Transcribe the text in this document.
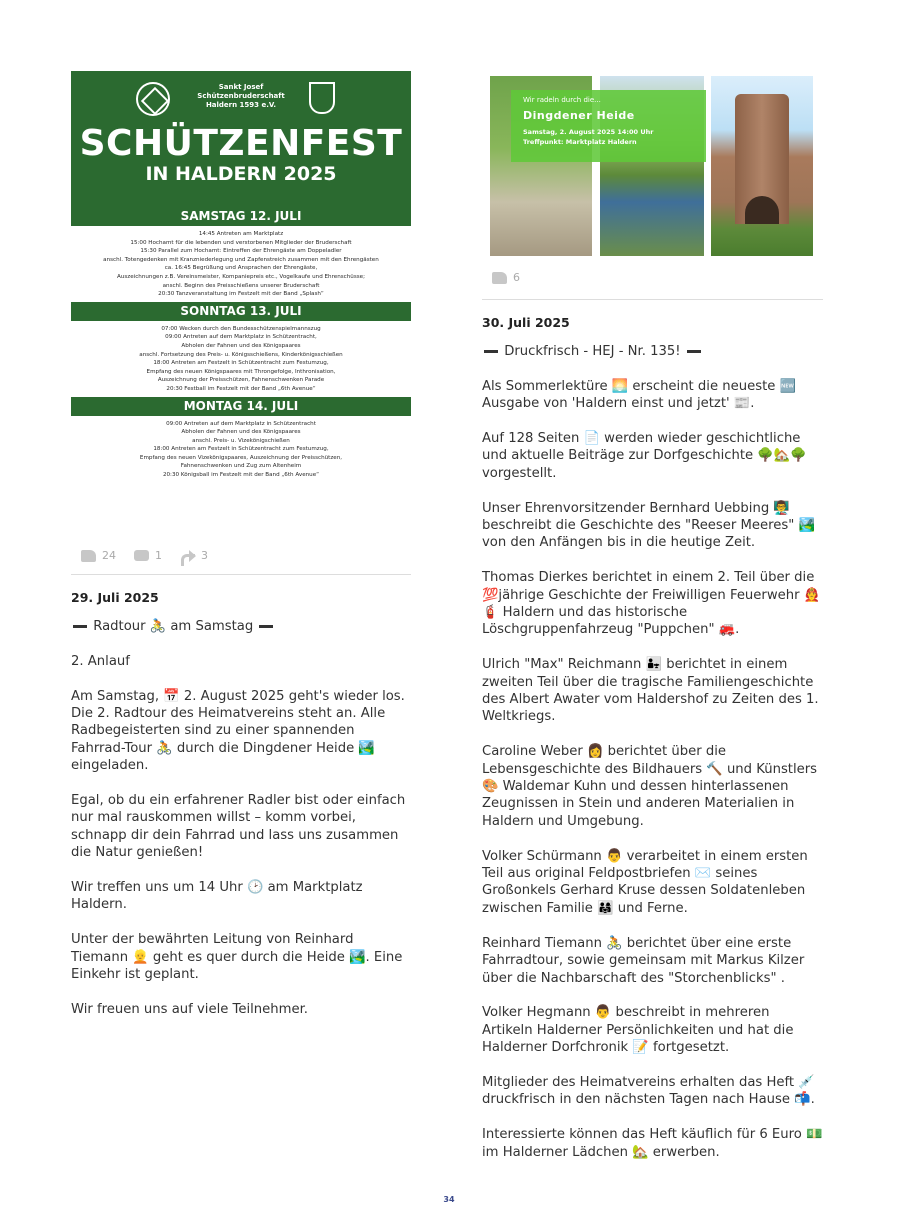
Sankt Josef
Schützenbruderschaft
Haldern 1593 e.V.
SCHÜTZENFEST
IN HALDERN 2025
SAMSTAG 12. JULI
14:45 Antreten am Marktplatz
15:00 Hochamt für die lebenden und verstorbenen Mitglieder der Bruderschaft
15:30 Parallel zum Hochamt: Eintreffen der Ehrengäste am Doppeladler
anschl. Totengedenken mit Kranzniederlegung und Zapfenstreich zusammen mit den Ehrengästen
ca. 16:45 Begrüßung und Ansprachen der Ehrengäste,
Auszeichnungen z.B. Vereinsmeister, Kompaniepreis etc., Vogelkaufe und Ehrenschüsse;
anschl. Beginn des Preisschießens unserer Bruderschaft
20:30 Tanzveranstaltung im Festzelt mit der Band „Splash“
SONNTAG 13. JULI
07:00 Wecken durch den Bundesschützenspielmannszug
09:00 Antreten auf dem Marktplatz in Schützentracht,
Abholen der Fahnen und des Königspaares
anschl. Fortsetzung des Preis- u. Königsschießens, Kinderkönigsschießen
18:00 Antreten am Festzelt in Schützentracht zum Festumzug,
Empfang des neuen Königspaares mit Throngefolge, Inthronisation,
Auszeichnung der Preisschützen, Fahnenschwenken Parade
20:30 Festball im Festzelt mit der Band „6th Avenue“
MONTAG 14. JULI
09:00 Antreten auf dem Marktplatz in Schützentracht
Abholen der Fahnen und des Königspaares
anschl. Preis- u. Vizekönigschießen
18:00 Antreten am Festzelt in Schützentracht zum Festumzug,
Empfang des neuen Vizekönigspaares, Auszeichnung der Preisschützen,
Fahnenschwenken und Zug zum Altenheim
20:30 Königsball im Festzelt mit der Band „6th Avenue“
24	1	3
29. Juli 2025

Radtour 🚴 am Samstag

2. Anlauf

Am Samstag, 📅 2. August 2025 geht's wieder los. Die 2. Radtour des Heimatvereins steht an. Alle Radbegeisterten sind zu einer spannenden Fahrrad-Tour 🚴 durch die Dingdener Heide 🏞️ eingeladen.

Egal, ob du ein erfahrener Radler bist oder einfach nur mal rauskommen willst – komm vorbei, schnapp dir dein Fahrrad und lass uns zusammen die Natur genießen!

Wir treffen uns um 14 Uhr 🕑 am Marktplatz Haldern.

Unter der bewährten Leitung von Reinhard Tiemann 👱 geht es quer durch die Heide 🏞️. Eine Einkehr ist geplant.

Wir freuen uns auf viele Teilnehmer.

Wir radeln durch die...
Dingdener Heide
Samstag, 2. August 2025 14:00 Uhr
Treffpunkt: Marktplatz Haldern
6
30. Juli 2025

Druckfrisch - HEJ - Nr. 135!

Als Sommerlektüre 🌅 erscheint die neueste 🆕 Ausgabe von 'Haldern einst und jetzt' 📰.

Auf 128 Seiten 📄 werden wieder geschichtliche und aktuelle Beiträge zur Dorfgeschichte 🌳🏡🌳 vorgestellt.

Unser Ehrenvorsitzender Bernhard Uebbing 👨‍🏫 beschreibt die Geschichte des "Reeser Meeres" 🏞️ von den Anfängen bis in die heutige Zeit.

Thomas Dierkes berichtet in einem 2. Teil über die 💯jährige Geschichte der Freiwilligen Feuerwehr 👨‍🚒 🧯 Haldern und das historische Löschgruppenfahrzeug "Puppchen" 🚒.

Ulrich "Max" Reichmann 👨‍👧 berichtet in einem zweiten Teil über die tragische Familiengeschichte des Albert Awater vom Haldershof zu Zeiten des 1. Weltkriegs.

Caroline Weber 👩 berichtet über die Lebensgeschichte des Bildhauers 🔨 und Künstlers 🎨 Waldemar Kuhn und dessen hinterlassenen Zeugnissen in Stein und anderen Materialien in Haldern und Umgebung.

Volker Schürmann 👨 verarbeitet in einem ersten Teil aus original Feldpostbriefen ✉️ seines Großonkels Gerhard Kruse dessen Soldatenleben zwischen Familie 👨‍👩‍👧 und Ferne.

Reinhard Tiemann 🚴 berichtet über eine erste Fahrradtour, sowie gemeinsam mit Markus Kilzer über die Nachbarschaft des "Storchenblicks" .

Volker Hegmann 👨 beschreibt in mehreren Artikeln Halderner Persönlichkeiten und hat die Halderner Dorfchronik 📝 fortgesetzt.

Mitglieder des Heimatvereins erhalten das Heft 💉 druckfrisch in den nächsten Tagen nach Hause 📬.

Interessierte können das Heft käuflich für 6 Euro 💵 im Halderner Lädchen 🏡 erwerben.

34
